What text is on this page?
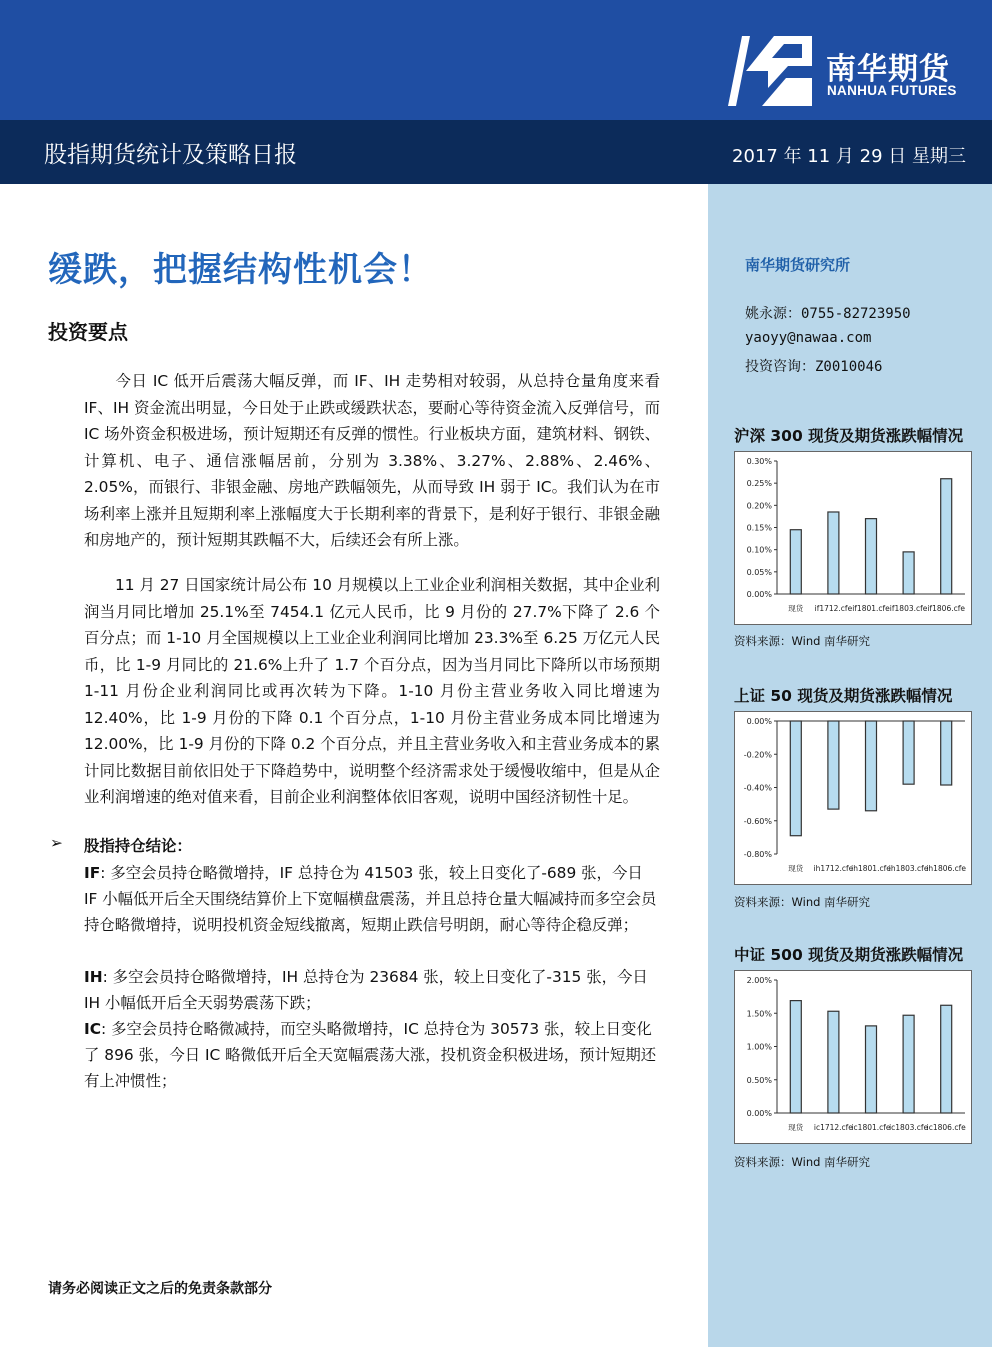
南华期货
NANHUA FUTURES
股指期货统计及策略日报	2017 年 11 月 29 日 星期三
缓跌，把握结构性机会！
投资要点
今日 IC 低开后震荡大幅反弹，而 IF、IH 走势相对较弱，从总持仓量角度来看 IF、IH 资金流出明显，今日处于止跌或缓跌状态，要耐心等待资金流入反弹信号，而 IC 场外资金积极进场，预计短期还有反弹的惯性。行业板块方面，建筑材料、钢铁、计算机、电子、通信涨幅居前，分别为 3.38%、3.27%、2.88%、2.46%、2.05%，而银行、非银金融、房地产跌幅领先，从而导致 IH 弱于 IC。我们认为在市场利率上涨并且短期利率上涨幅度大于长期利率的背景下，是利好于银行、非银金融和房地产的，预计短期其跌幅不大，后续还会有所上涨。
11 月 27 日国家统计局公布 10 月规模以上工业企业利润相关数据，其中企业利润当月同比增加 25.1%至 7454.1 亿元人民币，比 9 月份的 27.7%下降了 2.6 个百分点；而 1-10 月全国规模以上工业企业利润同比增加 23.3%至 6.25 万亿元人民币，比 1-9 月同比的 21.6%上升了 1.7 个百分点，因为当月同比下降所以市场预期 1-11 月份企业利润同比或再次转为下降。1-10 月份主营业务收入同比增速为 12.40%，比 1-9 月份的下降 0.1 个百分点，1-10 月份主营业务成本同比增速为 12.00%，比 1-9 月份的下降 0.2 个百分点，并且主营业务收入和主营业务成本的累计同比数据目前依旧处于下降趋势中，说明整个经济需求处于缓慢收缩中，但是从企业利润增速的绝对值来看，目前企业利润整体依旧客观，说明中国经济韧性十足。
➢ 股指持仓结论：
IF: 多空会员持仓略微增持，IF 总持仓为 41503 张，较上日变化了-689 张，今日 IF 小幅低开后全天围绕结算价上下宽幅横盘震荡，并且总持仓量大幅减持而多空会员持仓略微增持，说明投机资金短线撤离，短期止跌信号明朗，耐心等待企稳反弹；
IH: 多空会员持仓略微增持，IH 总持仓为 23684 张，较上日变化了-315 张，今日 IH 小幅低开后全天弱势震荡下跌；
IC: 多空会员持仓略微减持，而空头略微增持，IC 总持仓为 30573 张，较上日变化了 896 张，今日 IC 略微低开后全天宽幅震荡大涨，投机资金积极进场，预计短期还有上冲惯性；
请务必阅读正文之后的免责条款部分
南华期货研究所
姚永源：0755-82723950
yaoyy@nawaa.com
投资咨询：Z0010046
沪深 300 现货及期货涨跌幅情况
0.30%
0.25%
0.20%
0.15%
0.10%
0.05%
0.00%
现货 if1712.cfe if1801.cfe if1803.cfe if1806.cfe
资料来源：Wind 南华研究
上证 50 现货及期货涨跌幅情况
0.00%
-0.20%
-0.40%
-0.60%
-0.80%
现货 ih1712.cfe
ih1801.cfe
ih1803.cfe
ih1806.cfe
资料来源：Wind 南华研究
中证 500 现货及期货涨跌幅情况
2.00%
1.50%
1.00%
0.50%
0.00%
现货 ic1712.cfe
ic1801.cfe
ic1803.cfe
ic1806.cfe
资料来源：Wind 南华研究
